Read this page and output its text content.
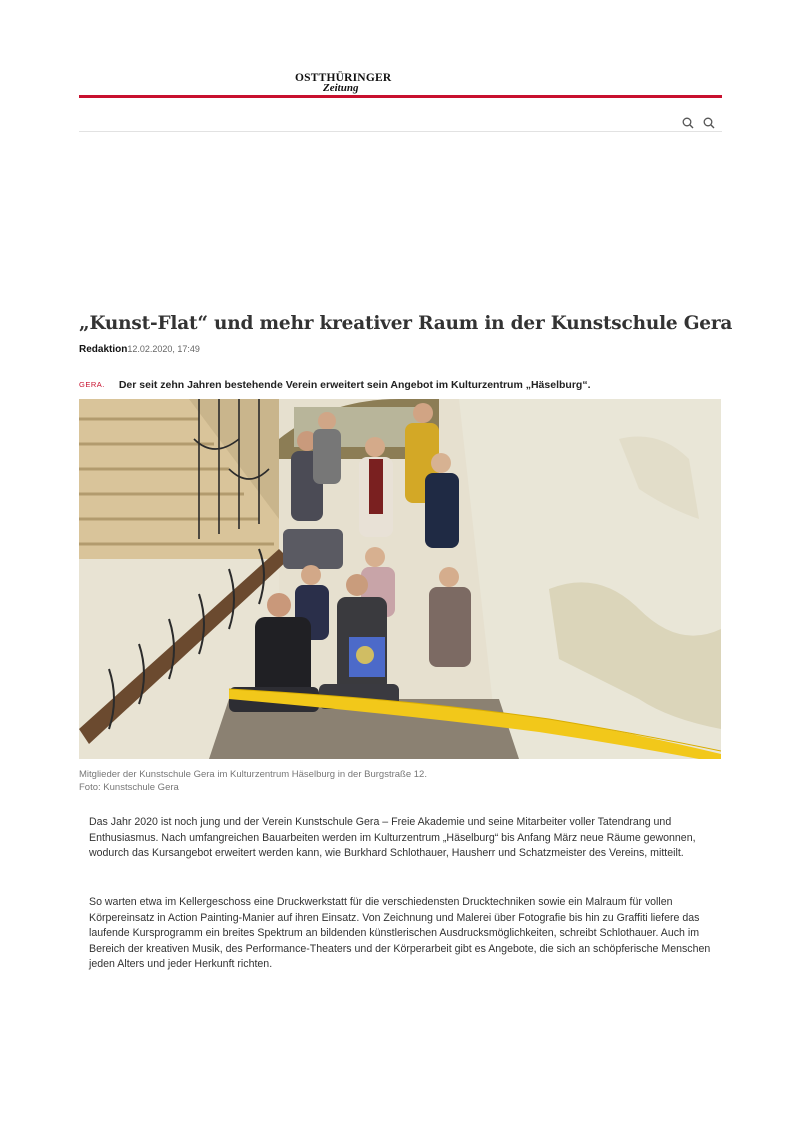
OSTTHÜRINGER
Zeitung
„Kunst-Flat“ und mehr kreativer Raum in der Kunstschule Gera
Redaktion12.02.2020, 17:49
GERA. Der seit zehn Jahren bestehende Verein erweitert sein Angebot im Kulturzentrum „Häselburg“.
Mitglieder der Kunstschule Gera im Kulturzentrum Häselburg in der Burgstraße 12.
Foto: Kunstschule Gera

Das Jahr 2020 ist noch jung und der Verein Kunstschule Gera – Freie Akademie und seine Mitarbeiter voller Tatendrang und Enthusiasmus. Nach umfangreichen Bauarbeiten werden im Kulturzentrum „Häselburg“ bis Anfang März neue Räume gewonnen, wodurch das Kursangebot erweitert werden kann, wie Burkhard Schlothauer, Hausherr und Schatzmeister des Vereins, mitteilt.

So warten etwa im Kellergeschoss eine Druckwerkstatt für die verschiedensten Drucktechniken sowie ein Malraum für vollen Körpereinsatz in Action Painting-Manier auf ihren Einsatz. Von Zeichnung und Malerei über Fotografie bis hin zu Graffiti liefere das laufende Kursprogramm ein breites Spektrum an bildenden künstlerischen Ausdrucksmöglichkeiten, schreibt Schlothauer. Auch im Bereich der kreativen Musik, des Performance-Theaters und der Körperarbeit gibt es Angebote, die sich an schöpferische Menschen jeden Alters und jeder Herkunft richten.
